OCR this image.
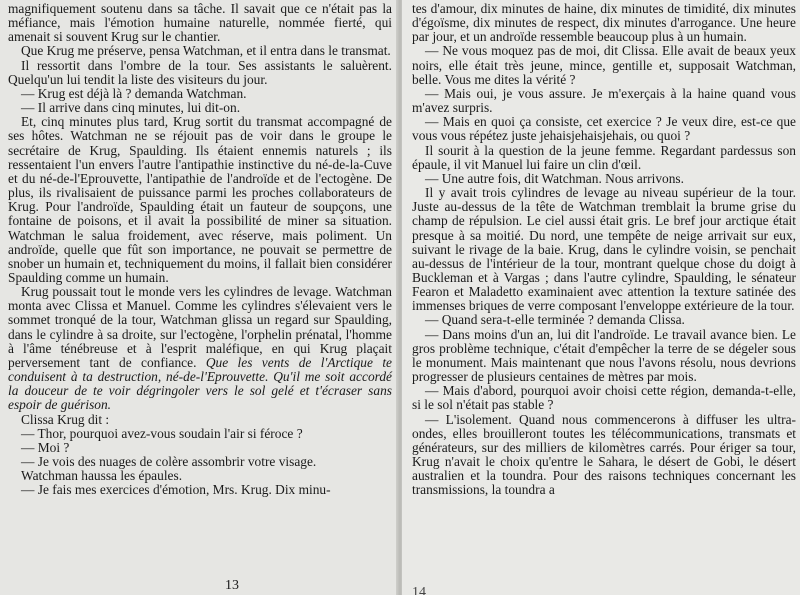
magnifiquement soutenu dans sa tâche. Il savait que ce n'était pas la méfiance, mais l'émotion humaine naturelle, nommée fierté, qui amenait si souvent Krug sur le chantier.

Que Krug me préserve, pensa Watchman, et il entra dans le transmat.

Il ressortit dans l'ombre de la tour. Ses assistants le saluèrent. Quelqu'un lui tendit la liste des visiteurs du jour.

— Krug est déjà là ? demanda Watchman.

— Il arrive dans cinq minutes, lui dit-on.

Et, cinq minutes plus tard, Krug sortit du transmat accompagné de ses hôtes. Watchman ne se réjouit pas de voir dans le groupe le secrétaire de Krug, Spaulding. Ils étaient ennemis naturels ; ils ressentaient l'un envers l'autre l'antipathie instinctive du né-de-la-Cuve et du né-de-l'Eprouvette, l'antipathie de l'androïde et de l'ectogène. De plus, ils rivalisaient de puissance parmi les proches collaborateurs de Krug. Pour l'androïde, Spaulding était un fauteur de soupçons, une fontaine de poisons, et il avait la possibilité de miner sa situation. Watchman le salua froidement, avec réserve, mais poliment. Un androïde, quelle que fût son importance, ne pouvait se permettre de snober un humain et, techniquement du moins, il fallait bien considérer Spaulding comme un humain.

Krug poussait tout le monde vers les cylindres de levage. Watchman monta avec Clissa et Manuel. Comme les cylindres s'élevaient vers le sommet tronqué de la tour, Watchman glissa un regard sur Spaulding, dans le cylindre à sa droite, sur l'ectogène, l'orphelin prénatal, l'homme à l'âme ténébreuse et à l'esprit maléfique, en qui Krug plaçait perversement tant de confiance. Que les vents de l'Arctique te conduisent à ta destruction, né-de-l'Eprouvette. Qu'il me soit accordé la douceur de te voir dégringoler vers le sol gelé et t'écraser sans espoir de guérison.

Clissa Krug dit :

— Thor, pourquoi avez-vous soudain l'air si féroce ?

— Moi ?

— Je vois des nuages de colère assombrir votre visage.

Watchman haussa les épaules.

— Je fais mes exercices d'émotion, Mrs. Krug. Dix minu-

13

tes d'amour, dix minutes de haine, dix minutes de timidité, dix minutes d'égoïsme, dix minutes de respect, dix minutes d'arrogance. Une heure par jour, et un androïde ressemble beaucoup plus à un humain.

— Ne vous moquez pas de moi, dit Clissa. Elle avait de beaux yeux noirs, elle était très jeune, mince, gentille et, supposait Watchman, belle. Vous me dites la vérité ?

— Mais oui, je vous assure. Je m'exerçais à la haine quand vous m'avez surpris.

— Mais en quoi ça consiste, cet exercice ? Je veux dire, est-ce que vous vous répétez juste jehaisjehaisjehais, ou quoi ?

Il sourit à la question de la jeune femme. Regardant pardessus son épaule, il vit Manuel lui faire un clin d'œil.

— Une autre fois, dit Watchman. Nous arrivons.

Il y avait trois cylindres de levage au niveau supérieur de la tour. Juste au-dessus de la tête de Watchman tremblait la brume grise du champ de répulsion. Le ciel aussi était gris. Le bref jour arctique était presque à sa moitié. Du nord, une tempête de neige arrivait sur eux, suivant le rivage de la baie. Krug, dans le cylindre voisin, se penchait au-dessus de l'intérieur de la tour, montrant quelque chose du doigt à Buckleman et à Vargas ; dans l'autre cylindre, Spaulding, le sénateur Fearon et Maladetto examinaient avec attention la texture satinée des immenses briques de verre composant l'enveloppe extérieure de la tour.

— Quand sera-t-elle terminée ? demanda Clissa.

— Dans moins d'un an, lui dit l'androïde. Le travail avance bien. Le gros problème technique, c'était d'empêcher la terre de se dégeler sous le monument. Mais maintenant que nous l'avons résolu, nous devrions progresser de plusieurs centaines de mètres par mois.

— Mais d'abord, pourquoi avoir choisi cette région, demanda-t-elle, si le sol n'était pas stable ?

— L'isolement. Quand nous commencerons à diffuser les ultra-ondes, elles brouilleront toutes les télécommunications, transmats et générateurs, sur des milliers de kilomètres carrés. Pour ériger sa tour, Krug n'avait le choix qu'entre le Sahara, le désert de Gobi, le désert australien et la toundra. Pour des raisons techniques concernant les transmissions, la toundra a

14
